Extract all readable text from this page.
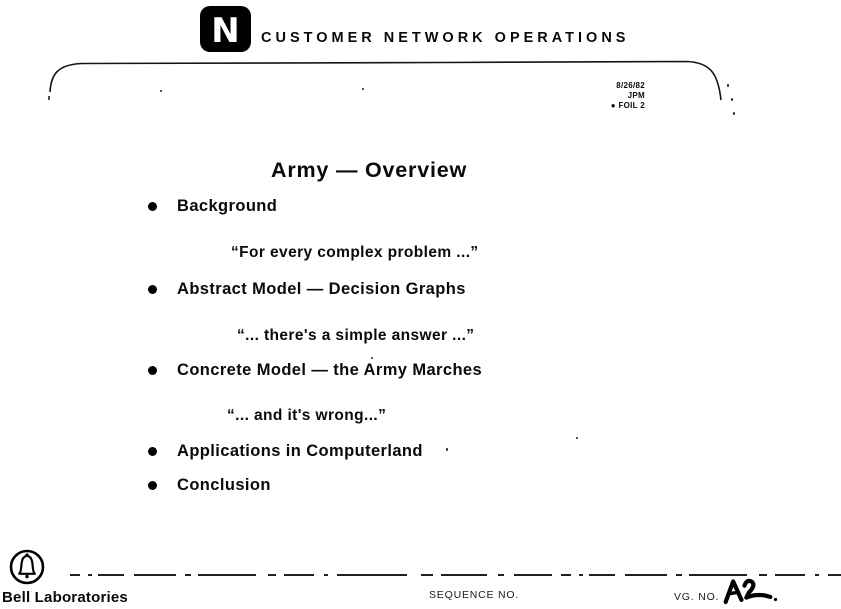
N	CUSTOMER NETWORK OPERATIONS
8/26/82
JPM
● FOIL 2
Army — Overview
Background
“For every complex problem ...”
Abstract Model — Decision Graphs
“... there's a simple answer ...”
Concrete Model — the Army Marches
“... and it's wrong...”
Applications in Computerland
Conclusion
Bell Laboratories	SEQUENCE NO.	VG. NO.
